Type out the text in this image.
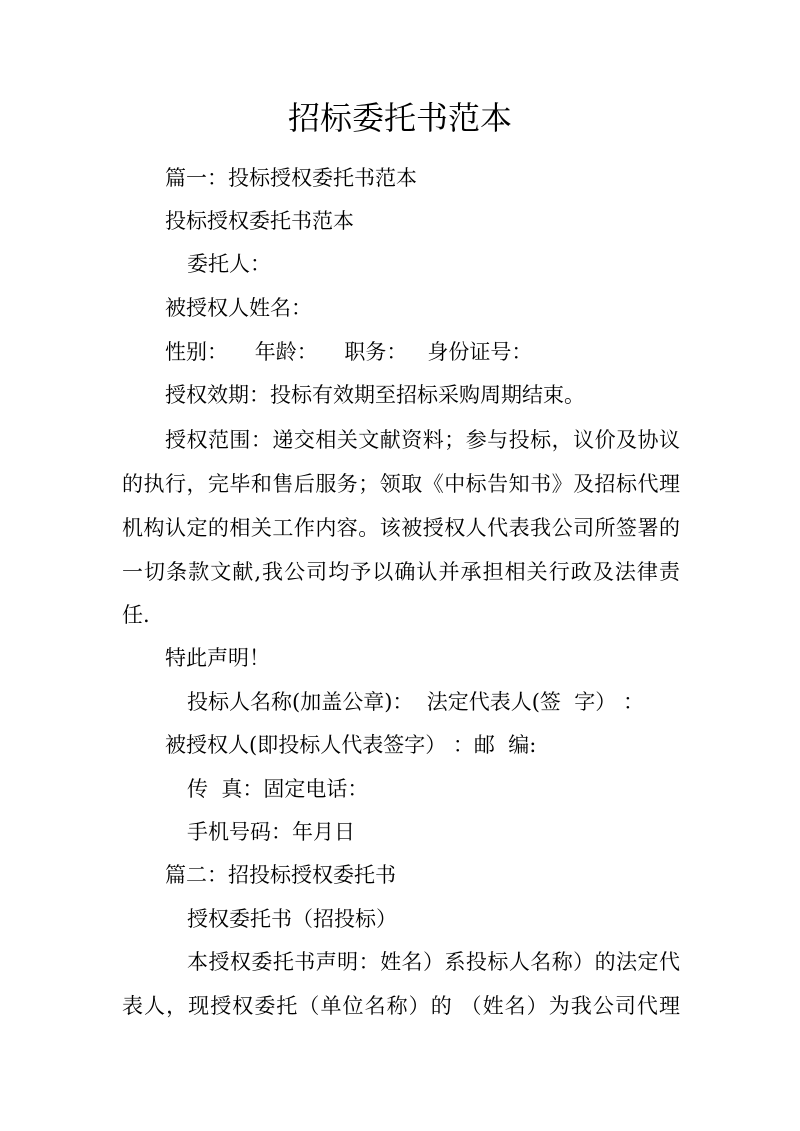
招标委托书范本
篇一：投标授权委托书范本
投标授权委托书范本
委托人：
被授权人姓名：
性别：    年龄：    职务：   身份证号：
授权效期：投标有效期至招标采购周期结束。
授权范围：递交相关文献资料；参与投标，议价及协议
的执行，完毕和售后服务；领取《中标告知书》及招标代理
机构认定的相关工作内容。该被授权人代表我公司所签署的
一切条款文献,我公司均予以确认并承担相关行政及法律责
任.
特此声明！
投标人名称(加盖公章)：  法定代表人(签  字） ：
被授权人(即投标人代表签字） ：邮  编:
传  真：固定电话：
手机号码：年月日
篇二：招投标授权委托书
授权委托书（招投标）
本授权委托书声明：姓名）系投标人名称）的法定代
表人，现授权委托（单位名称）的 （姓名）为我公司代理
